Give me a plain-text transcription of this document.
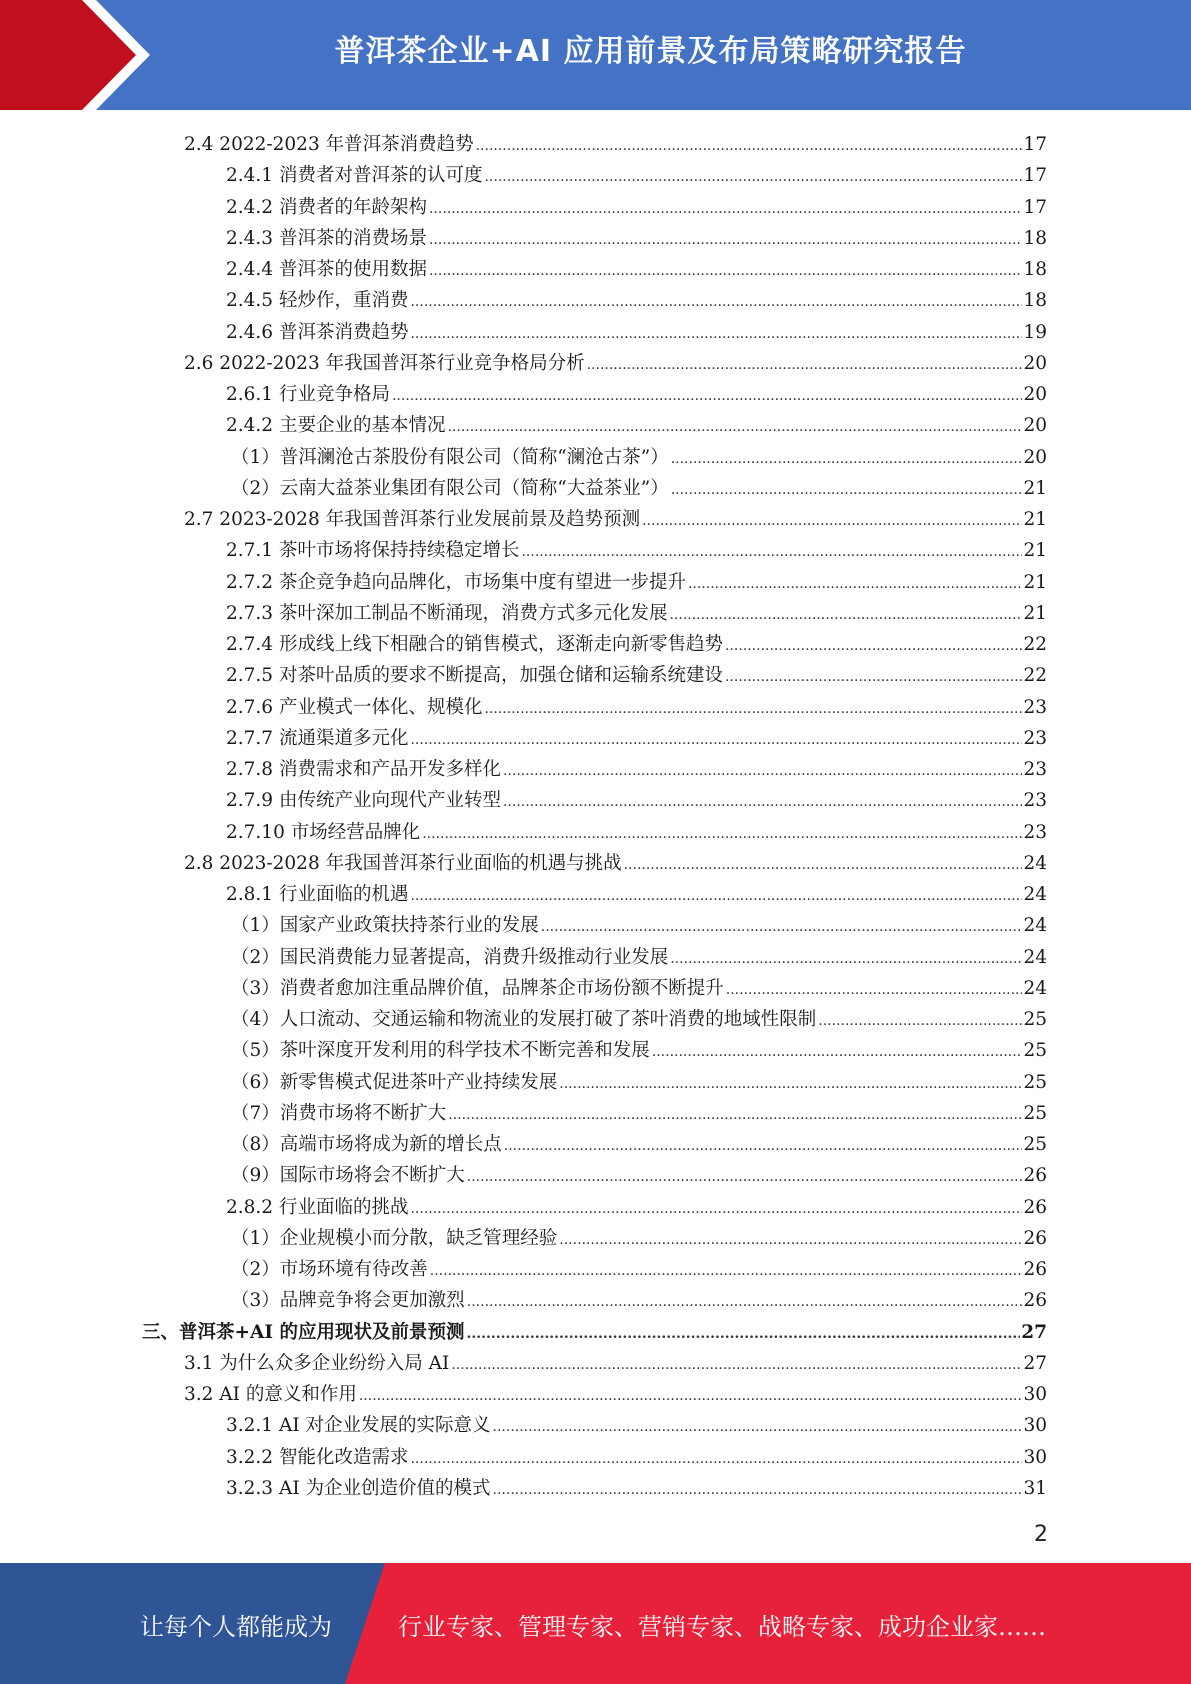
普洱茶企业+AI 应用前景及布局策略研究报告
2.4 2022-2023 年普洱茶消费趋势 .....	17
2.4.1 消费者对普洱茶的认可度 .....	17
2.4.2 消费者的年龄架构 .....	17
2.4.3 普洱茶的消费场景 .....	18
2.4.4 普洱茶的使用数据 .....	18
2.4.5 轻炒作，重消费 .....	18
2.4.6 普洱茶消费趋势 .....	19
2.6 2022-2023 年我国普洱茶行业竞争格局分析 .....	20
2.6.1 行业竞争格局 .....	20
2.4.2 主要企业的基本情况 .....	20
（1）普洱澜沧古茶股份有限公司（简称“澜沧古茶”） .....	20
（2）云南大益茶业集团有限公司（简称“大益茶业”） .....	21
2.7 2023-2028 年我国普洱茶行业发展前景及趋势预测 .....	21
2.7.1 茶叶市场将保持持续稳定增长 .....	21
2.7.2 茶企竞争趋向品牌化，市场集中度有望进一步提升 .....	21
2.7.3 茶叶深加工制品不断涌现，消费方式多元化发展 .....	21
2.7.4 形成线上线下相融合的销售模式，逐渐走向新零售趋势 .....	22
2.7.5 对茶叶品质的要求不断提高，加强仓储和运输系统建设 .....	22
2.7.6 产业模式一体化、规模化 .....	23
2.7.7 流通渠道多元化 .....	23
2.7.8 消费需求和产品开发多样化 .....	23
2.7.9 由传统产业向现代产业转型 .....	23
2.7.10 市场经营品牌化 .....	23
2.8 2023-2028 年我国普洱茶行业面临的机遇与挑战 .....	24
2.8.1 行业面临的机遇 .....	24
（1）国家产业政策扶持茶行业的发展 .....	24
（2）国民消费能力显著提高，消费升级推动行业发展 .....	24
（3）消费者愈加注重品牌价值，品牌茶企市场份额不断提升 .....	24
（4）人口流动、交通运输和物流业的发展打破了茶叶消费的地域性限制 .....	25
（5）茶叶深度开发利用的科学技术不断完善和发展 .....	25
（6）新零售模式促进茶叶产业持续发展 .....	25
（7）消费市场将不断扩大 .....	25
（8）高端市场将成为新的增长点 .....	25
（9）国际市场将会不断扩大 .....	26
2.8.2 行业面临的挑战 .....	26
（1）企业规模小而分散，缺乏管理经验 .....	26
（2）市场环境有待改善 .....	26
（3）品牌竞争将会更加激烈 .....	26
三、普洱茶+AI 的应用现状及前景预测 .....	27
3.1 为什么众多企业纷纷入局 AI .....	27
3.2 AI 的意义和作用 .....	30
3.2.1 AI 对企业发展的实际意义 .....	30
3.2.2 智能化改造需求 .....	30
3.2.3 AI 为企业创造价值的模式 .....	31
2
让每个人都能成为	行业专家、管理专家、营销专家、战略专家、成功企业家……
